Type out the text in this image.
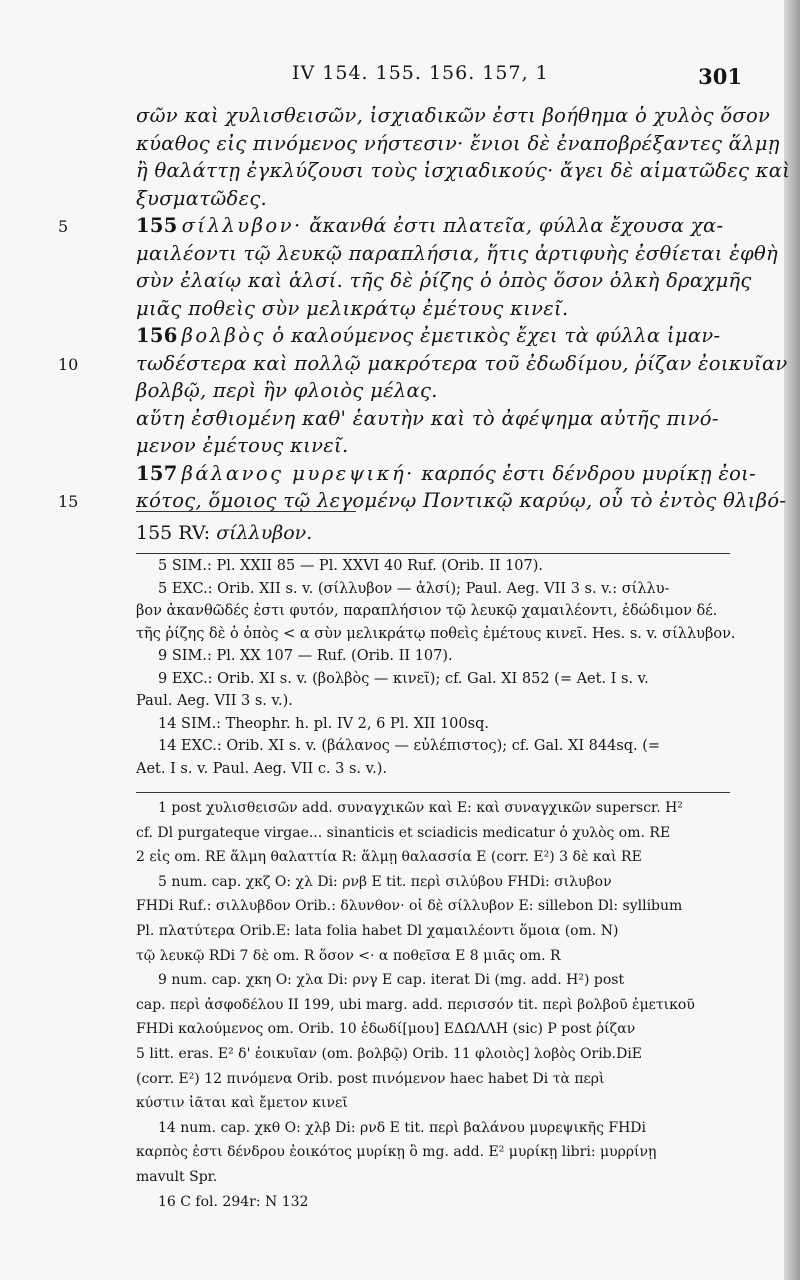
IV 154. 155. 156. 157, 1	301
σῶν καὶ χυλισθεισῶν, ἰσχιαδικῶν ἐστι βοήθημα ὁ χυλὸς ὅσον
κύαθος εἰς πινόμενος νήστεσιν· ἔνιοι δὲ ἐναποβρέξαντες ἅλμῃ
ἢ θαλάττῃ ἐγκλύζουσι τοὺς ἰσχιαδικούς· ἄγει δὲ αἱματῶδες καὶ
ξυσματῶδες.
5	155 σίλλυβον· ἄκανθά ἐστι πλατεῖα, φύλλα ἔχουσα χα-
μαιλέοντι τῷ λευκῷ παραπλήσια, ἥτις ἀρτιφυὴς ἐσθίεται ἑφθὴ
σὺν ἐλαίῳ καὶ ἁλσί. τῆς δὲ ῥίζης ὁ ὀπὸς ὅσον ὁλκὴ δραχμῆς
μιᾶς ποθεὶς σὺν μελικράτῳ ἐμέτους κινεῖ.
156 βολβὸς ὁ καλούμενος ἐμετικὸς ἔχει τὰ φύλλα ἱμαν-
10	τωδέστερα καὶ πολλῷ μακρότερα τοῦ ἐδωδίμου, ῥίζαν ἐοικυῖαν
βολβῷ, περὶ ἣν φλοιὸς μέλας.
αὕτη ἐσθιομένη καθ' ἑαυτὴν καὶ τὸ ἀφέψημα αὐτῆς πινό-
μενον ἐμέτους κινεῖ.
157 βάλανος μυρεψική· καρπός ἐστι δένδρου μυρίκῃ ἐοι-
15	κότος, ὅμοιος τῷ λεγομένῳ Ποντικῷ καρύῳ, οὗ τὸ ἐντὸς θλιβό-
155 RV: σίλλυβον.
5 SIM.: Pl. XXII 85 — Pl. XXVI 40 Ruf. (Orib. II 107).
5 EXC.: Orib. XII s. v. (σίλλυβον — ἁλσί); Paul. Aeg. VII 3 s. v.: σίλλυ-
βον ἀκανθῶδές ἐστι φυτόν, παραπλήσιον τῷ λευκῷ χαμαιλέοντι, ἐδώδιμον δέ.
τῆς ῥίζης δὲ ὁ ὀπὸς < α σὺν μελικράτῳ ποθεὶς ἐμέτους κινεῖ. Hes. s. v. σίλλυβον.
9 SIM.: Pl. XX 107 — Ruf. (Orib. II 107).
9 EXC.: Orib. XI s. v. (βολβὸς — κινεῖ); cf. Gal. XI 852 (= Aet. I s. v.
Paul. Aeg. VII 3 s. v.).
14 SIM.: Theophr. h. pl. IV 2, 6 Pl. XII 100sq.
14 EXC.: Orib. XI s. v. (βάλανος — εὐλέπιστος); cf. Gal. XI 844sq. (=
Aet. I s. v. Paul. Aeg. VII c. 3 s. v.).
1 post χυλισθεισῶν add. συναγχικῶν καὶ E: καὶ συναγχικῶν superscr. H²
cf. Dl purgateque virgae... sinanticis et sciadicis medicatur ὁ χυλὸς om. RE
2 εἰς om. RE ἅλμη θαλαττία R: ἅλμῃ θαλασσία E (corr. E²) 3 δὲ καὶ RE
5 num. cap. χκζ O: χλ Di: ρνβ E tit. περὶ σιλύβου FHDi: σιλυβον
FHDi Ruf.: σιλλυβδον Orib.: δλυνθον· οἱ δὲ σίλλυβον E: sillebon Dl: syllibum
Pl. πλατύτερα Orib.E: lata folia habet Dl χαμαιλέοντι ὅμοια (om. N)
τῷ λευκῷ RDi 7 δὲ om. R ὅσον <· α ποθεῖσα E 8 μιᾶς om. R
9 num. cap. χκη O: χλα Di: ρνγ E cap. iterat Di (mg. add. H²) post
cap. περὶ ἀσφοδέλου II 199, ubi marg. add. περισσόν tit. περὶ βολβοῦ ἐμετικοῦ
FHDi καλούμενος om. Orib. 10 ἐδωδί[μου] ΕΔΩΛΛΗ (sic) P post ῥίζαν
5 litt. eras. E² δ' ἐοικυῖαν (om. βολβῷ) Orib. 11 φλοιὸς] λοβὸς Orib.DiE
(corr. E²) 12 πινόμενα Orib. post πινόμενον haec habet Di τὰ περὶ
κύστιν ἰᾶται καὶ ἔμετον κινεῖ
14 num. cap. χκθ O: χλβ Di: ρνδ E tit. περὶ βαλάνου μυρεψικῆς FHDi
καρπὸς ἐστι δένδρου ἐοικότος μυρίκῃ ὃ mg. add. E² μυρίκῃ libri: μυρρίνῃ
mavult Spr.
16 C fol. 294r: N 132
